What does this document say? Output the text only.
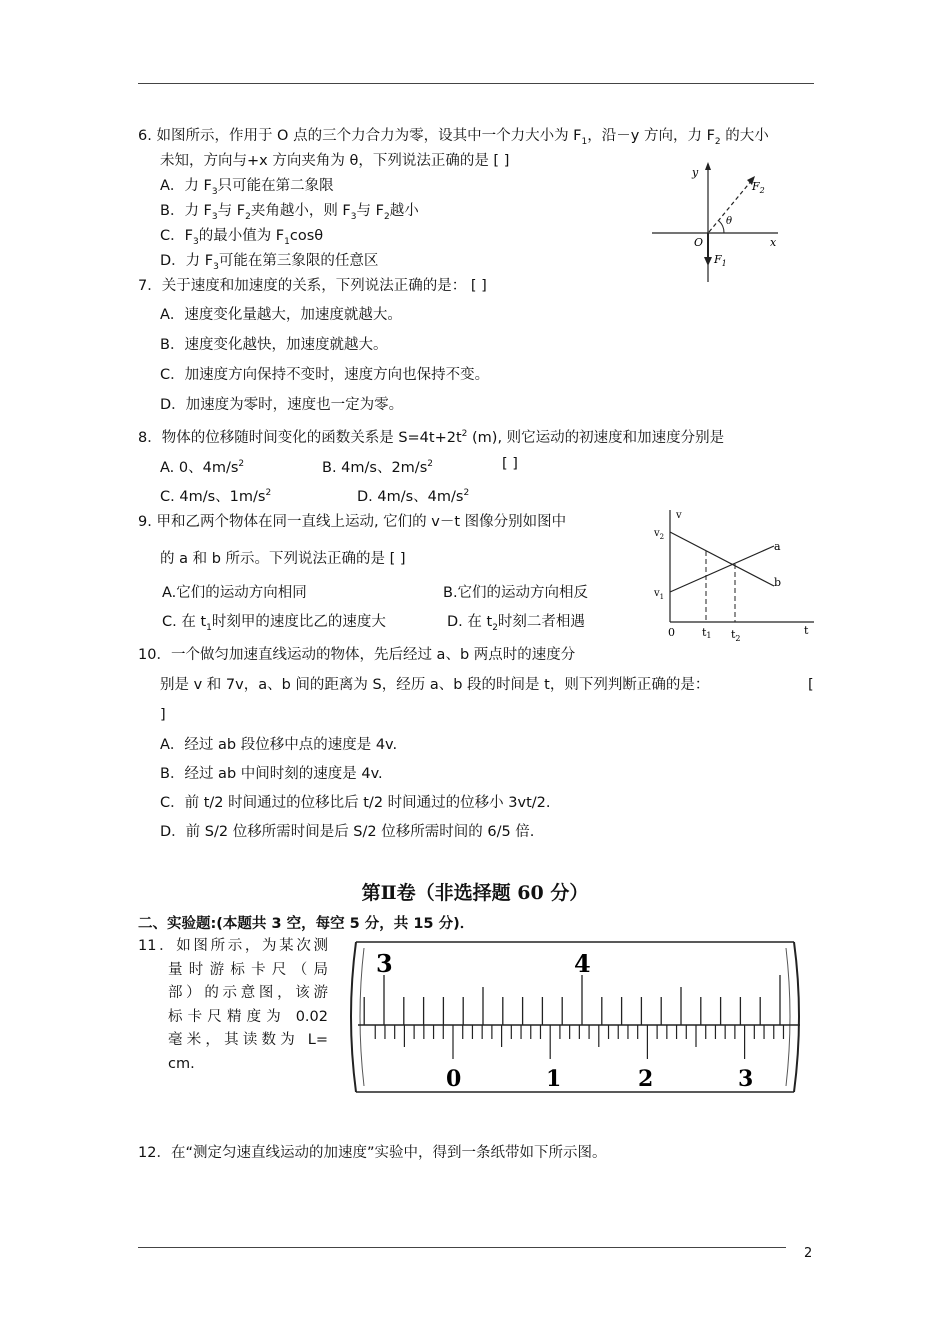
6. 如图所示，作用于 O 点的三个力合力为零，设其中一个力大小为 $F_1$，沿－y 方向，力 $F_2$ 的大小
未知，方向与+x 方向夹角为 θ，下列说法正确的是 [ ]
A．力 $F_3$只可能在第二象限
B．力 $F_3$与 $F_2$夹角越小，则 $F_3$与 $F_2$越小
C．$F_3$的最小值为 $F_1\cos\theta$
D．力 $F_3$可能在第三象限的任意区
y
x
O
$F_2$
$F_1$
θ
7．关于速度和加速度的关系，下列说法正确的是： [ ]
A．速度变化量越大，加速度就越大。
B．速度变化越快，加速度就越大。
C．加速度方向保持不变时，速度方向也保持不变。
D．加速度为零时，速度也一定为零。
8．物体的位移随时间变化的函数关系是 $S=4t+2t^2$ (m), 则它运动的初速度和加速度分别是
A. 0、$4m/s^2$	B. 4m/s、$2m/s^2$	[ ]
C. 4m/s、$1m/s^2$	D. 4m/s、$4m/s^2$
9. 甲和乙两个物体在同一直线上运动, 它们的 v－t 图像分别如图中
的 a 和 b 所示。下列说法正确的是 [ ]
A.它们的运动方向相同	B.它们的运动方向相反
C. 在 $t_1$时刻甲的速度比乙的速度大	D. 在 $t_2$时刻二者相遇
v
t
0
a
b
$v_2$
$v_1$
t1 $t_2$
10．一个做匀加速直线运动的物体，先后经过 a、b 两点时的速度分
别是 v 和 7v，a、b 间的距离为 S，经历 a、b 段的时间是 t，则下列判断正确的是：	[
]
A．经过 ab 段位移中点的速度是 4v.
B．经过 ab 中间时刻的速度是 4v.
C．前 t/2 时间通过的位移比后 t/2 时间通过的位移小 3vt/2.
D．前 S/2 位移所需时间是后 S/2 位移所需时间的 6/5 倍.
第Ⅱ卷（非选择题 60 分）
二、实验题:(本题共 3 空，每空 5 分，共 15 分)．
11．如图所示，为某次测
量时游标卡尺（局
部）的示意图，该游
标卡尺精度为 0.02
毫米，其读数为 L=
cm.
3	4
0	1	2	3
12．在“测定匀速直线运动的加速度”实验中，得到一条纸带如下所示图。
2
